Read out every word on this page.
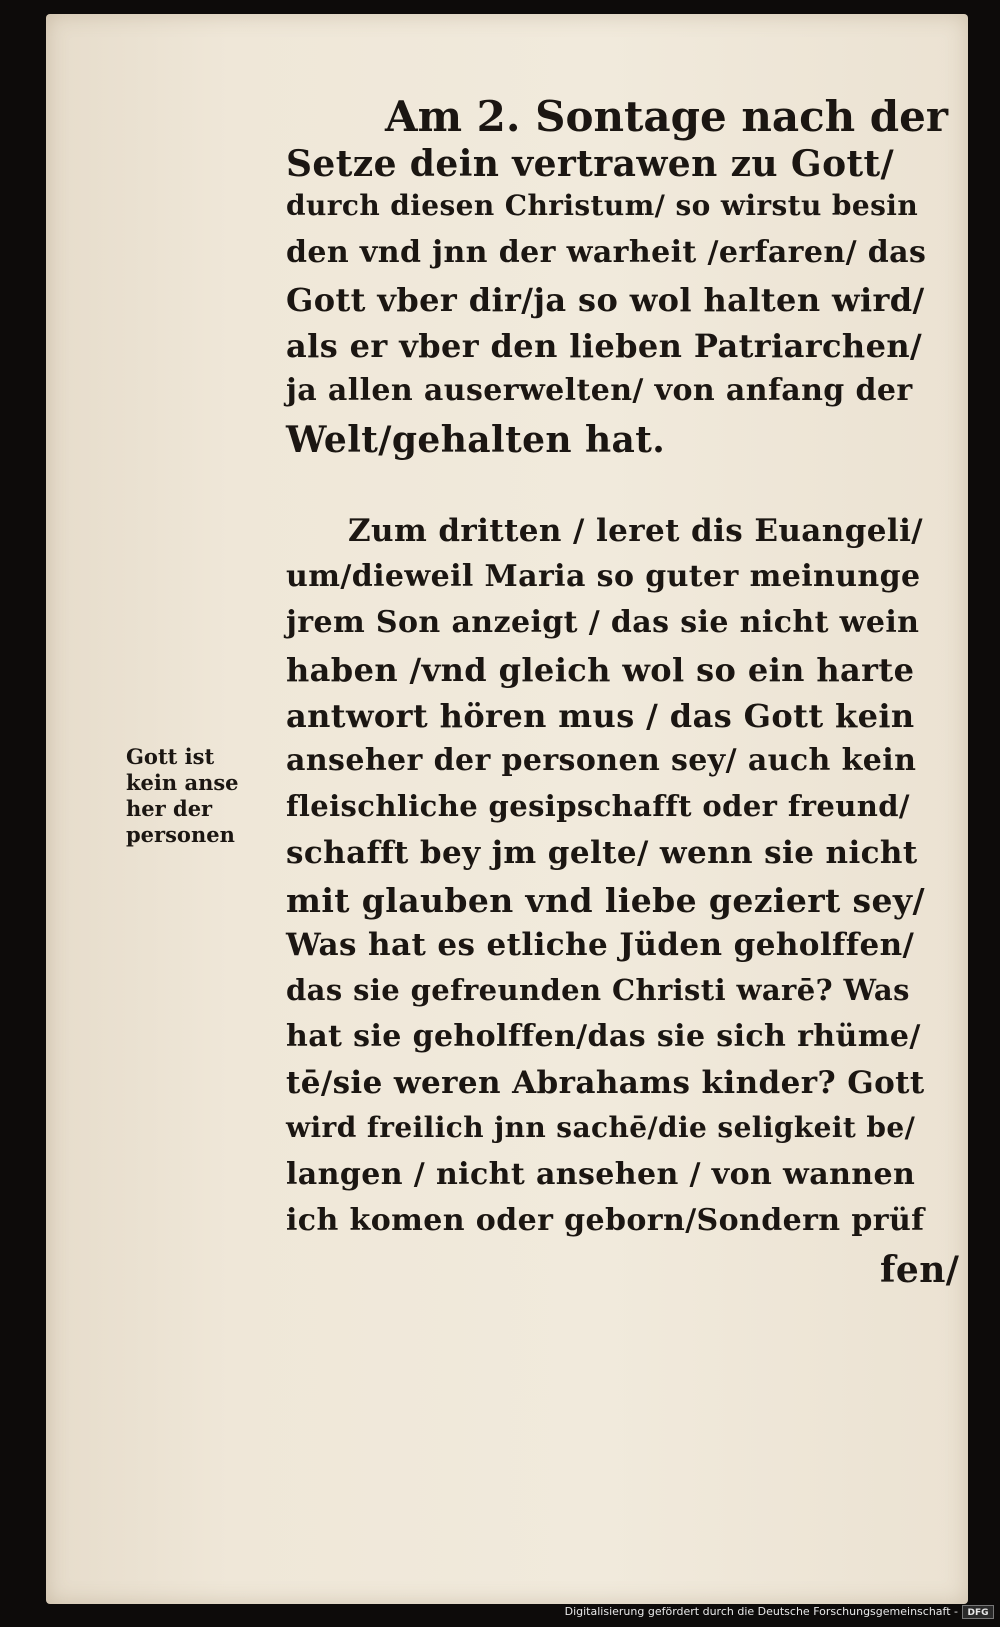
Am 2. Sontage nach der
Setze dein vertrawen zu Gott/
durch diesen Christum/ so wirstu besin
den vnd jnn der warheit /erfaren/ das
Gott vber dir/ja so wol halten wird/
als er vber den lieben Patriarchen/
ja allen auserwelten/ von anfang der
Welt/gehalten hat.
Zum dritten / leret dis Euangeli/
um/dieweil Maria so guter meinunge
jrem Son anzeigt / das sie nicht wein
haben /vnd gleich wol so ein harte
antwort hören mus / das Gott kein
anseher der personen sey/ auch kein
fleischliche gesipschafft oder freund/
schafft bey jm gelte/ wenn sie nicht
mit glauben vnd liebe geziert sey/
Was hat es etliche Jüden geholffen/
das sie gefreunden Christi warē? Was
hat sie geholffen/das sie sich rhüme/
tē/sie weren Abrahams kinder? Gott
wird freilich jnn sachē/die seligkeit be/
langen / nicht ansehen / von wannen
ich komen oder geborn/Sondern prüf
fen/
Gott ist
kein anse
her der
personen
Digitalisierung gefördert durch die Deutsche Forschungsgemeinschaft -	DFG
